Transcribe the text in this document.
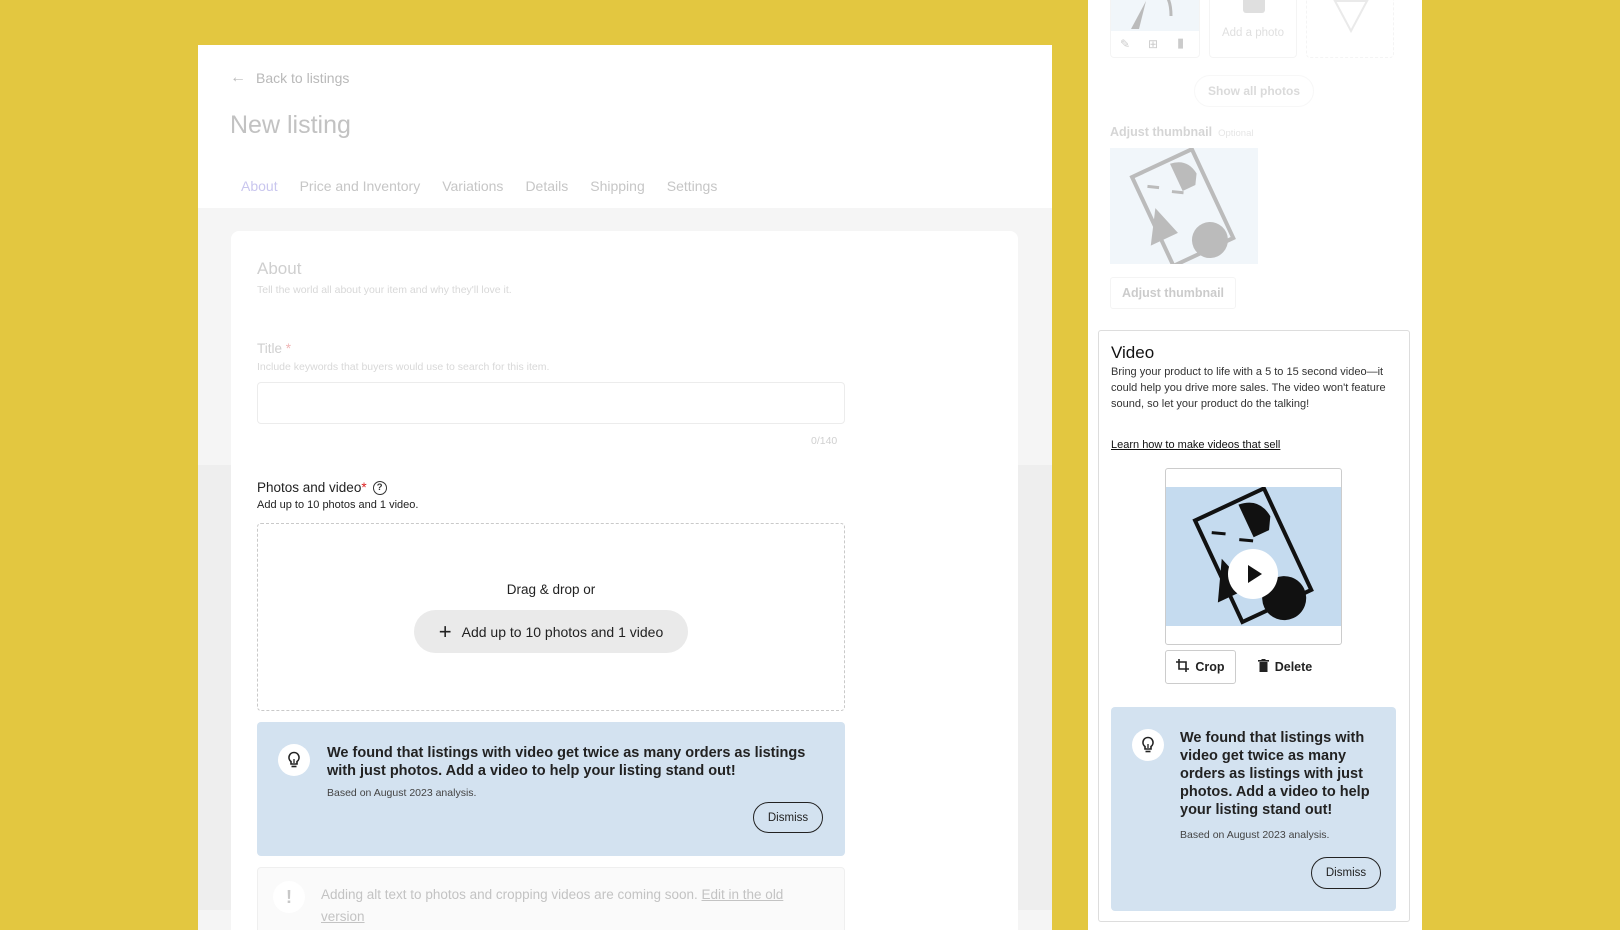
← Back to listings
New listing
About	Price and Inventory	Variations	Details	Shipping	Settings
About
Tell the world all about your item and why they'll love it.
Title *
Include keywords that buyers would use to search for this item.
0/140
Photos and video*	?
Add up to 10 photos and 1 video.
Drag & drop or
+ Add up to 10 photos and 1 video
We found that listings with video get twice as many orders as listings with just photos. Add a video to help your listing stand out!
Based on August 2023 analysis.
Dismiss
!	Adding alt text to photos and cropping videos are coming soon. Edit in the old version
✎ ⊞ ▮
Add a photo
Show all photos
Adjust thumbnail Optional
Adjust thumbnail
Video
Bring your product to life with a 5 to 15 second video—it could help you drive more sales. The video won't feature sound, so let your product do the talking!
Learn how to make videos that sell
Crop	Delete
We found that listings with video get twice as many orders as listings with just photos. Add a video to help your listing stand out!
Based on August 2023 analysis.
Dismiss
